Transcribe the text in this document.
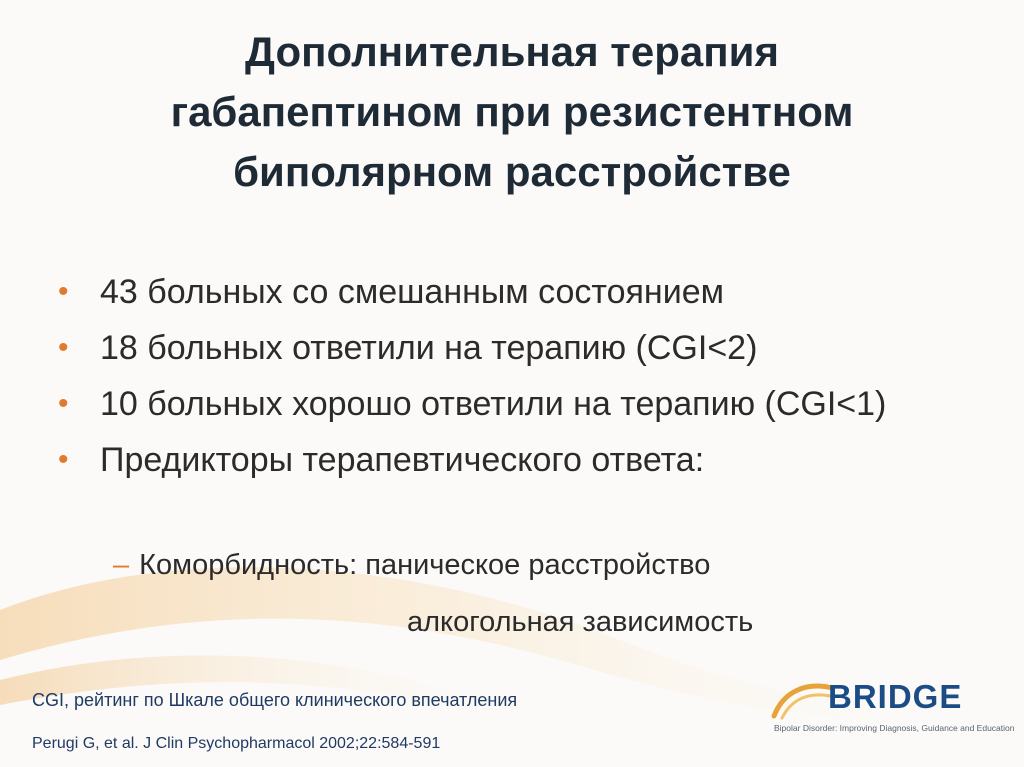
Дополнительная терапия
габапептином при резистентном
биполярном расстройстве
• 43 больных со смешанным состоянием
• 18 больных ответили на терапию (CGI<2)
• 10 больных хорошо ответили на терапию (CGI<1)
• Предикторы терапевтического ответа:
– Коморбидность: паническое расстройство
алкогольная зависимость
CGI, рейтинг по Шкале общего клинического впечатления
Perugi G, et al. J Clin Psychopharmacol 2002;22:584-591
BRIDGE
Bipolar Disorder: Improving Diagnosis, Guidance and Education
